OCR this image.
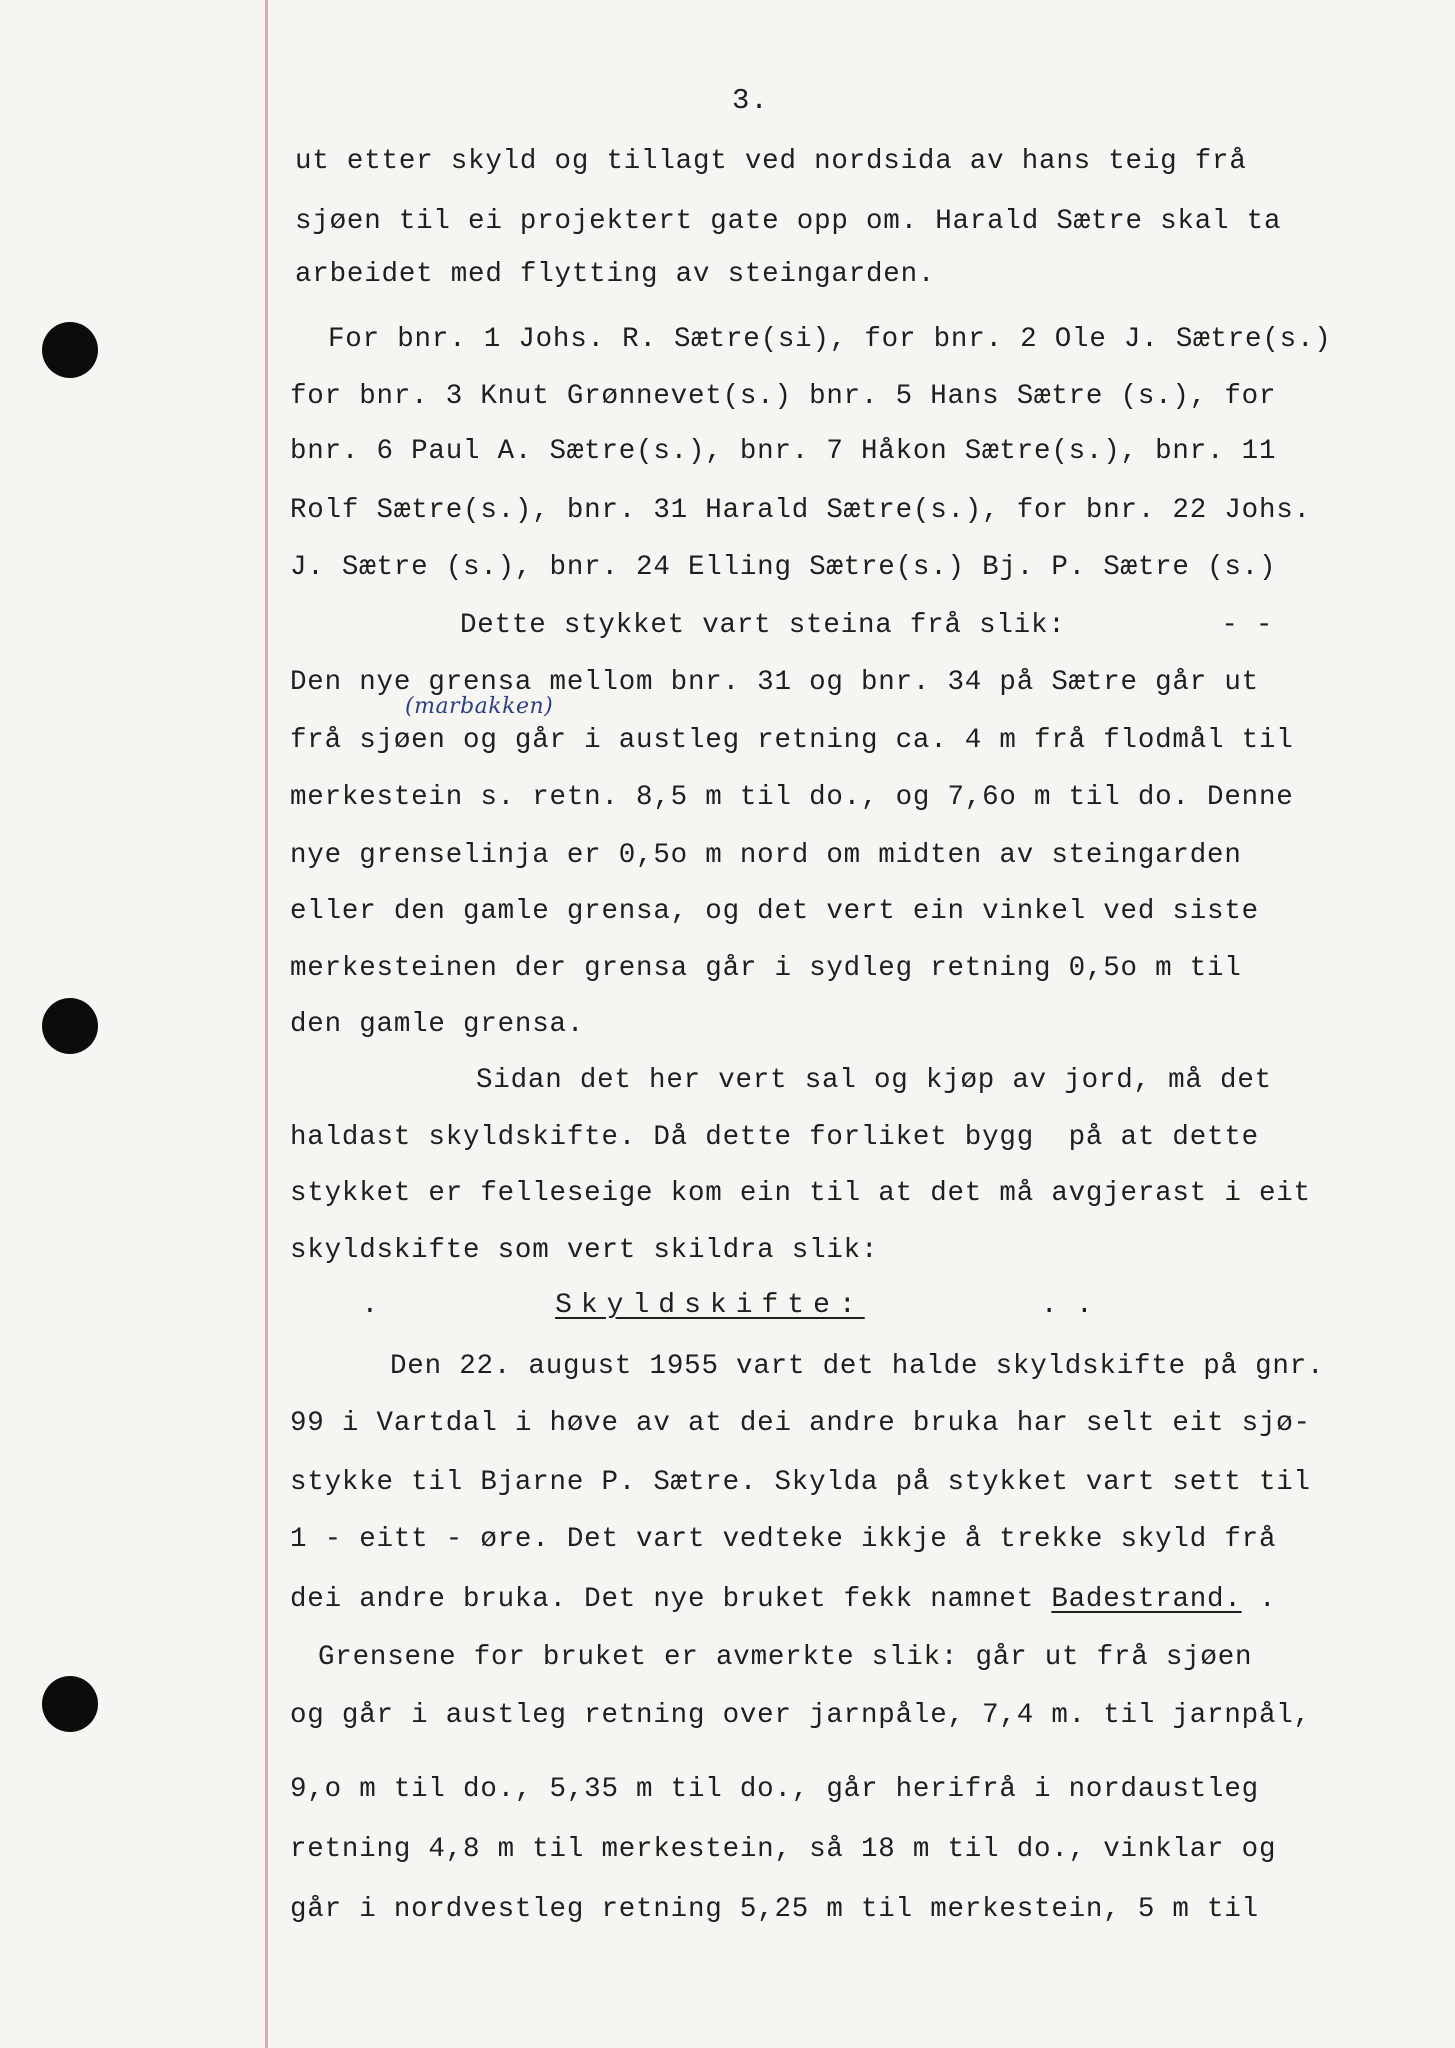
3.

ut etter skyld og tillagt ved nordsida av hans teig frå

sjøen til ei projektert gate opp om. Harald Sætre skal ta

arbeidet med flytting av steingarden.

For bnr. 1 Johs. R. Sætre(si), for bnr. 2 Ole J. Sætre(s.)

for bnr. 3 Knut Grønnevet(s.) bnr. 5 Hans Sætre (s.), for

bnr. 6 Paul A. Sætre(s.), bnr. 7 Håkon Sætre(s.), bnr. 11

Rolf Sætre(s.), bnr. 31 Harald Sætre(s.), for bnr. 22 Johs.

J. Sætre (s.), bnr. 24 Elling Sætre(s.) Bj. P. Sætre (s.)

Dette stykket vart steina frå slik:         - -

Den nye grensa mellom bnr. 31 og bnr. 34 på Sætre går ut

(marbakken)

frå sjøen og går i austleg retning ca. 4 m frå flodmål til

merkestein s. retn. 8,5 m til do., og 7,6o m til do. Denne

nye grenselinja er 0,5o m nord om midten av steingarden

eller den gamle grensa, og det vert ein vinkel ved siste

merkesteinen der grensa går i sydleg retning 0,5o m til

den gamle grensa.

Sidan det her vert sal og kjøp av jord, må det

haldast skyldskifte. Då dette forliket bygg  på at dette

stykket er felleseige kom ein til at det må avgjerast i eit

skyldskifte som vert skildra slik:

.	Skyldskifte:	. .

Den 22. august 1955 vart det halde skyldskifte på gnr.

99 i Vartdal i høve av at dei andre bruka har selt eit sjø-

stykke til Bjarne P. Sætre. Skylda på stykket vart sett til

1 - eitt - øre. Det vart vedteke ikkje å trekke skyld frå

dei andre bruka. Det nye bruket fekk namnet Badestrand. .

Grensene for bruket er avmerkte slik: går ut frå sjøen

og går i austleg retning over jarnpåle, 7,4 m. til jarnpål,

9,o m til do., 5,35 m til do., går herifrå i nordaustleg

retning 4,8 m til merkestein, så 18 m til do., vinklar og

går i nordvestleg retning 5,25 m til merkestein, 5 m til
